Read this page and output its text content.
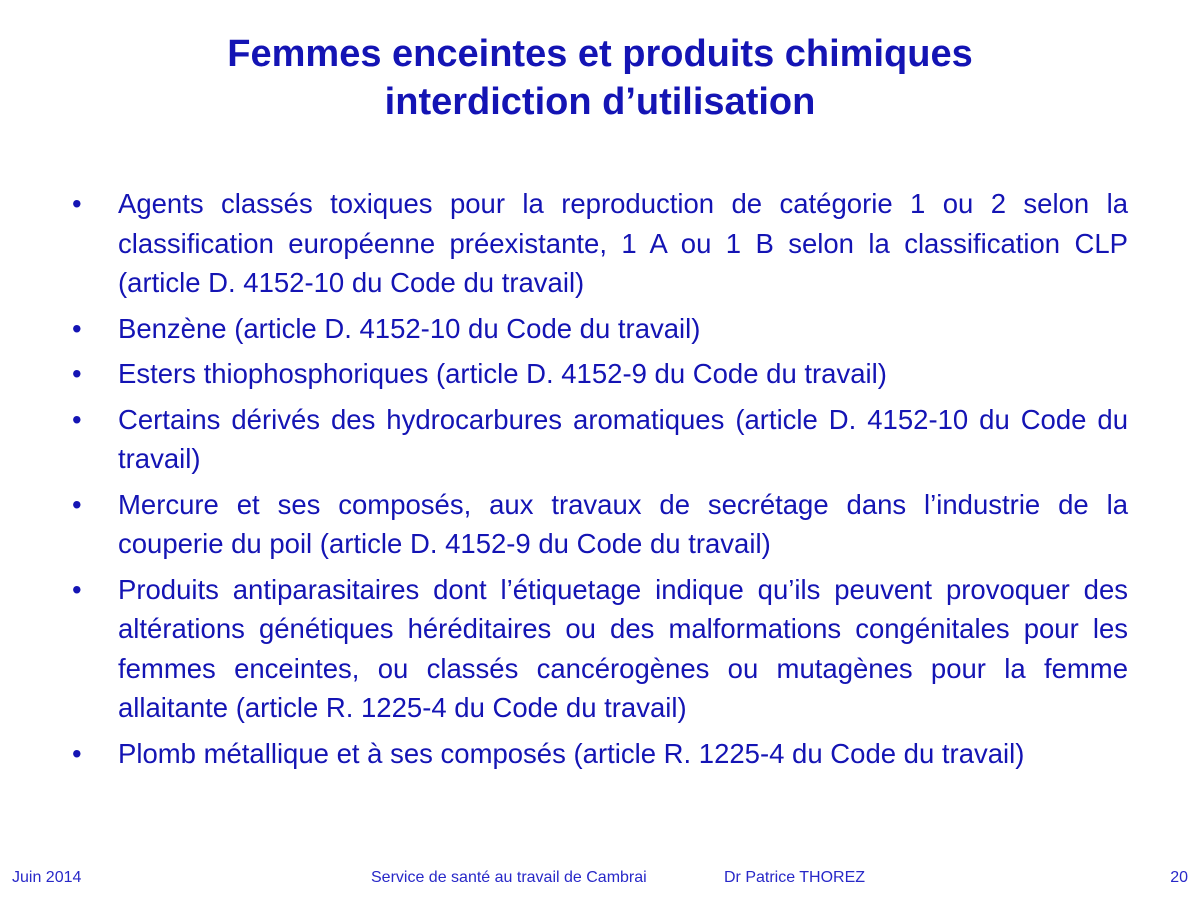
Femmes enceintes et produits chimiques
interdiction d’utilisation
•	Agents classés toxiques pour la reproduction de catégorie 1 ou 2 selon la classification européenne préexistante, 1 A ou 1 B selon la classification CLP (article D. 4152-10 du Code du travail)
•	Benzène (article D. 4152-10 du Code du travail)
•	Esters thiophosphoriques (article D. 4152-9 du Code du travail)
•	Certains dérivés des hydrocarbures aromatiques (article D. 4152-10 du Code du travail)
•	Mercure et ses composés, aux travaux de secrétage dans l’industrie de la couperie du poil (article D. 4152-9 du Code du travail)
•	Produits antiparasitaires dont l’étiquetage indique qu’ils peuvent provoquer des altérations génétiques héréditaires ou des malformations congénitales pour les femmes enceintes, ou classés cancérogènes ou mutagènes pour la femme allaitante (article R. 1225-4 du Code du travail)
•	Plomb métallique et à ses composés (article R. 1225-4 du Code du travail)
Juin 2014	Service de santé au travail de Cambrai	Dr Patrice THOREZ	20
